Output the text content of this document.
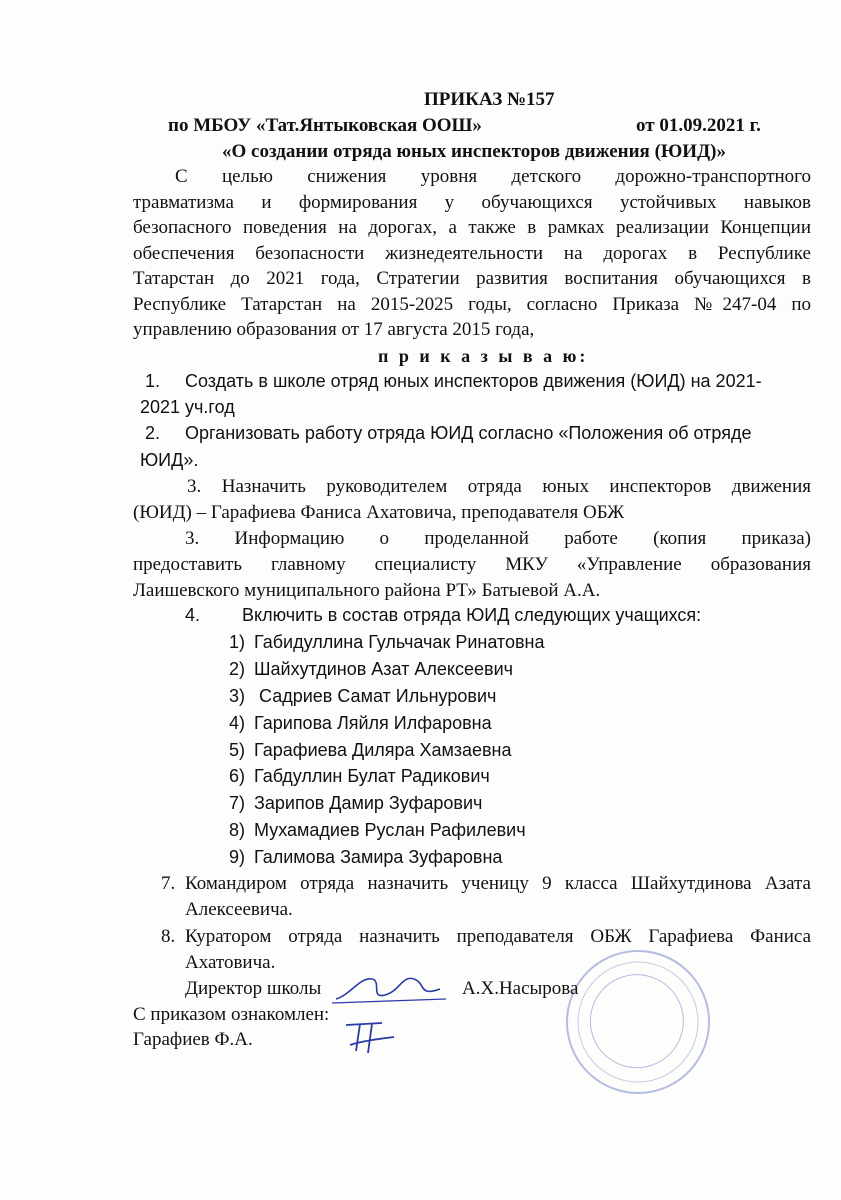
ПРИКАЗ №157
по МБОУ «Тат.Янтыковская ООШ»	от 01.09.2021 г.
«О создании отряда юных инспекторов движения (ЮИД)»
С целью снижения уровня детского дорожно-транспортного
травматизма и формирования у обучающихся устойчивых навыков
безопасного поведения на дорогах, а также в рамках реализации Концепции
обеспечения безопасности жизнедеятельности на дорогах в Республике
Татарстан до 2021 года, Стратегии развития воспитания обучающихся в
Республике Татарстан на 2015-2025 годы, согласно Приказа №247-04 по
управлению образования от 17 августа 2015 года,
п р и к а з ы в а ю:
1. Создать в школе отряд юных инспекторов движения (ЮИД) на 2021-
2021 уч.год
2. Организовать работу отряда ЮИД согласно «Положения об отряде
ЮИД».
3. Назначить руководителем отряда юных инспекторов движения
(ЮИД) – Гарафиева Фаниса Ахатовича, преподавателя ОБЖ
3. Информацию о проделанной работе (копия приказа)
предоставить главному специалисту МКУ «Управление образования
Лаишевского муниципального района РТ» Батыевой А.А.
4. Включить в состав отряда ЮИД следующих учащихся:
1) Габидуллина Гульчачак Ринатовна
2) Шайхутдинов Азат Алексеевич
3) Садриев Самат Ильнурович
4) Гарипова Ляйля Илфаровна
5) Гарафиева Диляра Хамзаевна
6) Габдуллин Булат Радикович
7) Зарипов Дамир Зуфарович
8) Мухамадиев Руслан Рафилевич
9) Галимова Замира Зуфаровна
7. Командиром отряда назначить ученицу 9 класса Шайхутдинова Азата
Алексеевича.
8. Куратором отряда назначить преподавателя ОБЖ Гарафиева Фаниса
Ахатовича.
Директор школы	А.Х.Насырова
С приказом ознакомлен:
Гарафиев Ф.А.
